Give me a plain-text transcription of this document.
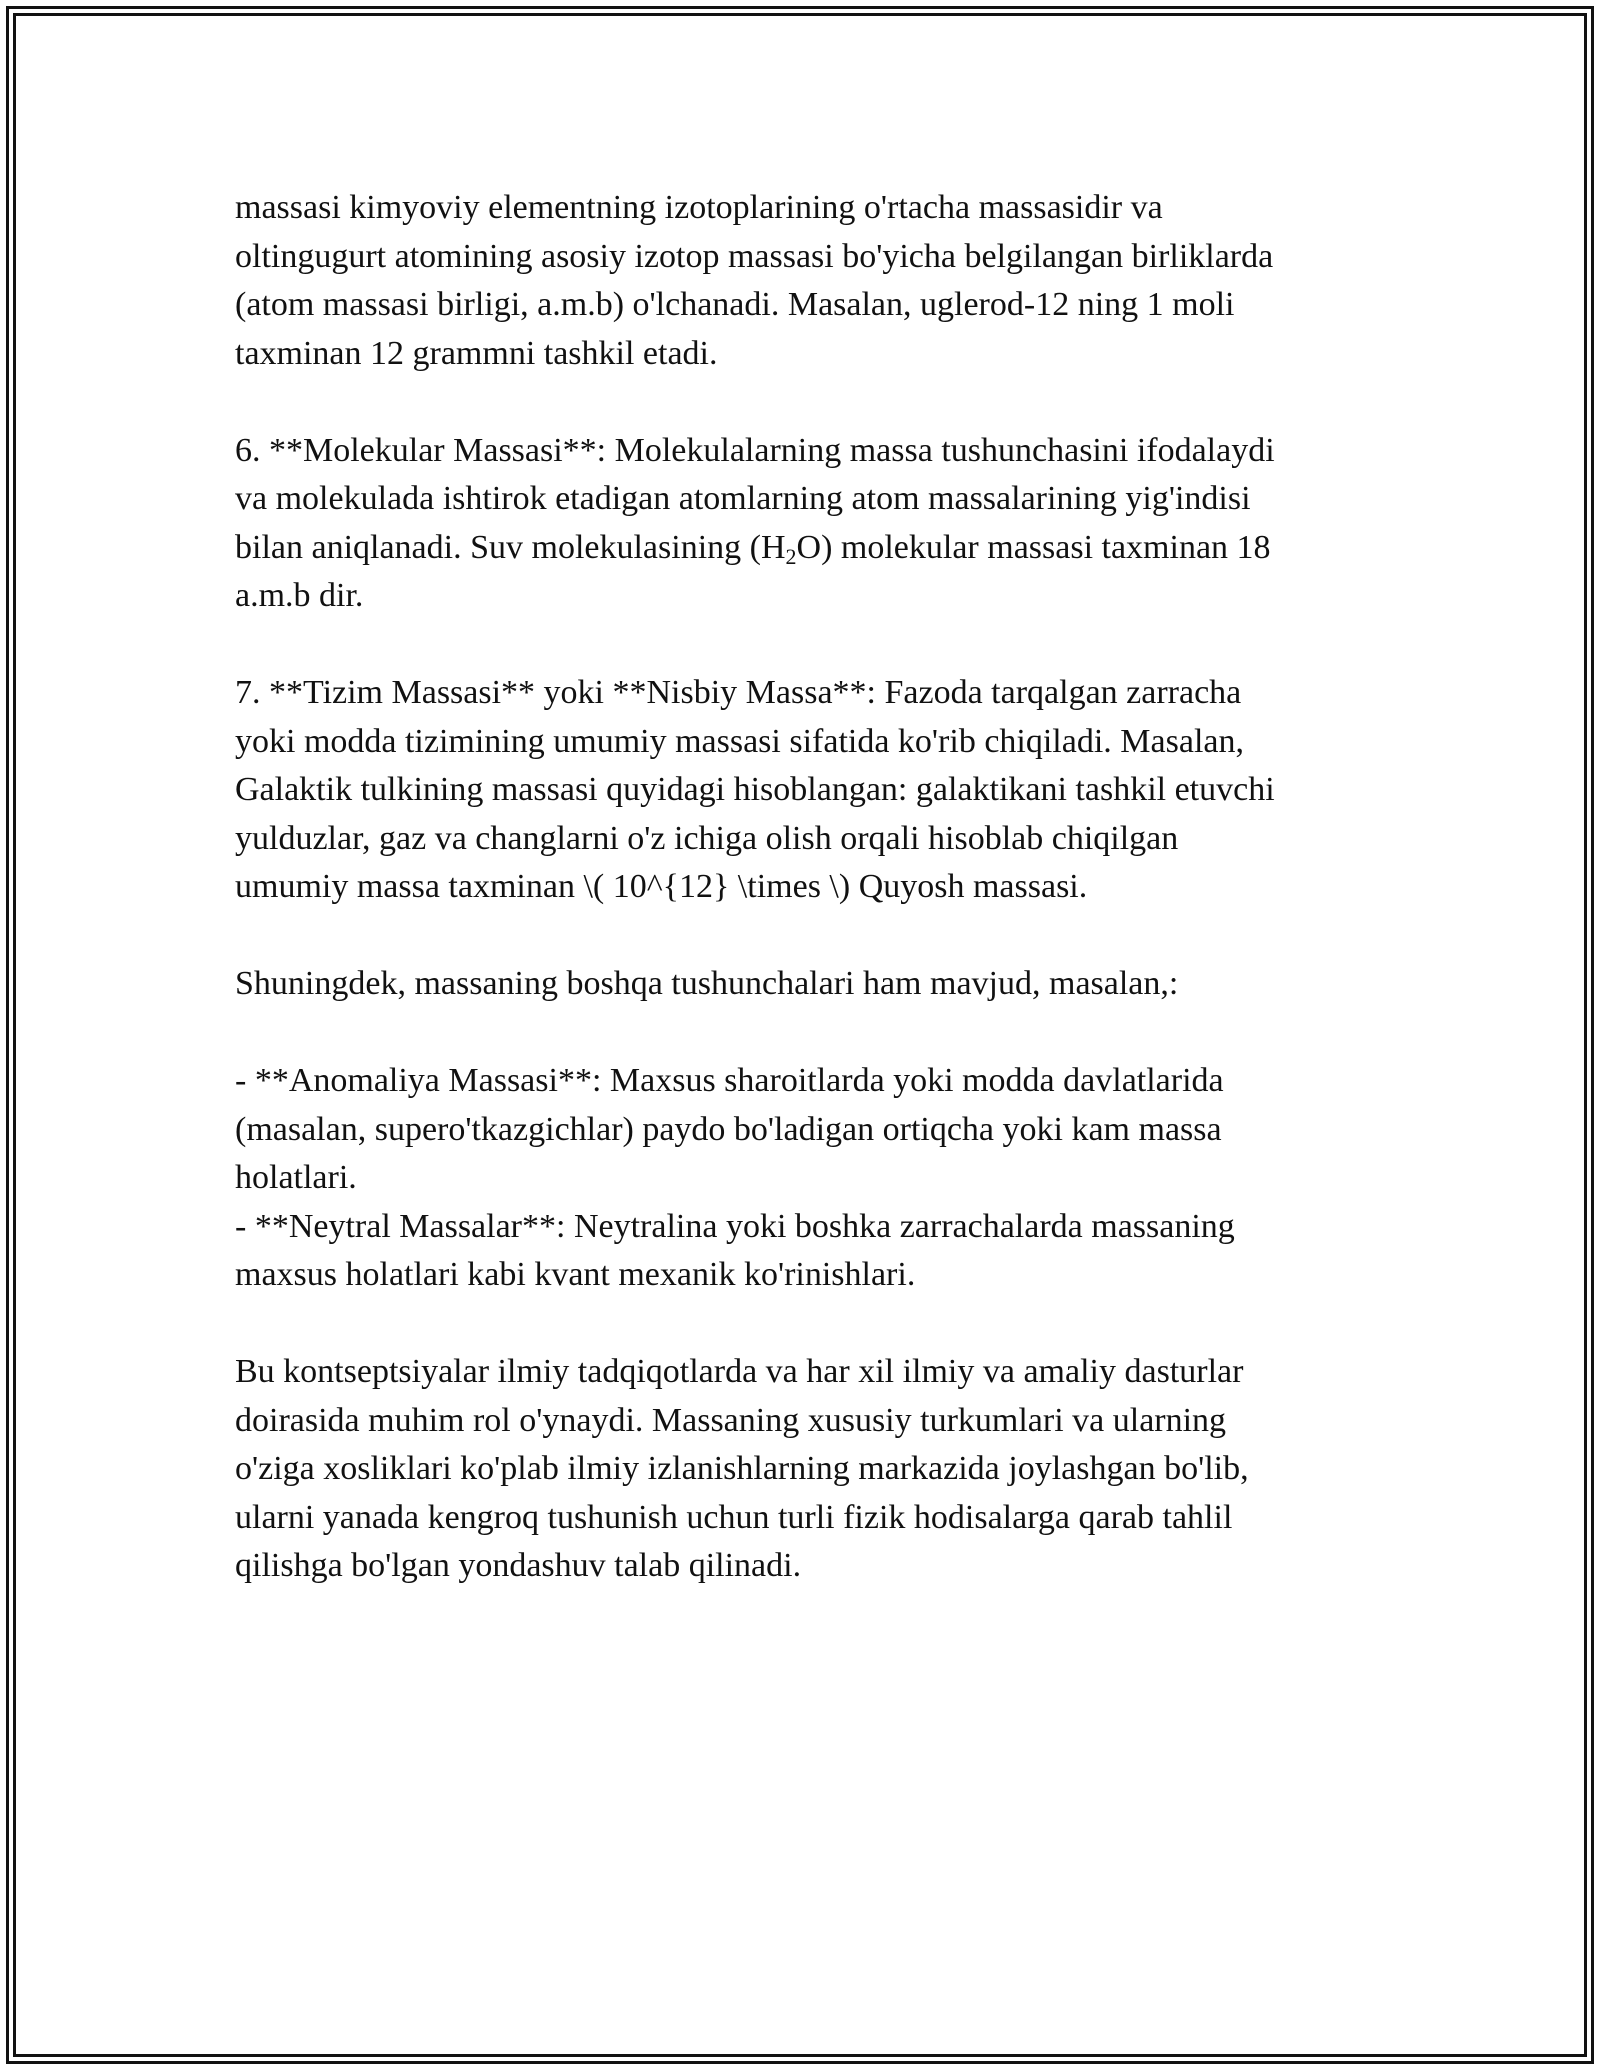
massasi kimyoviy elementning izotoplarining o'rtacha massasidir va
oltingugurt atomining asosiy izotop massasi bo'yicha belgilangan birliklarda
(atom massasi birligi, a.m.b) o'lchanadi. Masalan, uglerod-12 ning 1 moli
taxminan 12 grammni tashkil etadi.

6. **Molekular Massasi**: Molekulalarning massa tushunchasini ifodalaydi
va molekulada ishtirok etadigan atomlarning atom massalarining yig'indisi
bilan aniqlanadi. Suv molekulasining $(H_2O)$ molekular massasi taxminan 18
a.m.b dir.

7. **Tizim Massasi** yoki **Nisbiy Massa**: Fazoda tarqalgan zarracha
yoki modda tizimining umumiy massasi sifatida ko'rib chiqiladi. Masalan,
Galaktik tulkining massasi quyidagi hisoblangan: galaktikani tashkil etuvchi
yulduzlar, gaz va changlarni o'z ichiga olish orqali hisoblab chiqilgan
umumiy massa taxminan \( 10^{12} \times \) Quyosh massasi.

Shuningdek, massaning boshqa tushunchalari ham mavjud, masalan,:

- **Anomaliya Massasi**: Maxsus sharoitlarda yoki modda davlatlarida
(masalan, supero'tkazgichlar) paydo bo'ladigan ortiqcha yoki kam massa
holatlari.

- **Neytral Massalar**: Neytralina yoki boshka zarrachalarda massaning
maxsus holatlari kabi kvant mexanik ko'rinishlari.

Bu kontseptsiyalar ilmiy tadqiqotlarda va har xil ilmiy va amaliy dasturlar
doirasida muhim rol o'ynaydi. Massaning xususiy turkumlari va ularning
o'ziga xosliklari ko'plab ilmiy izlanishlarning markazida joylashgan bo'lib,
ularni yanada kengroq tushunish uchun turli fizik hodisalarga qarab tahlil
qilishga bo'lgan yondashuv talab qilinadi.
